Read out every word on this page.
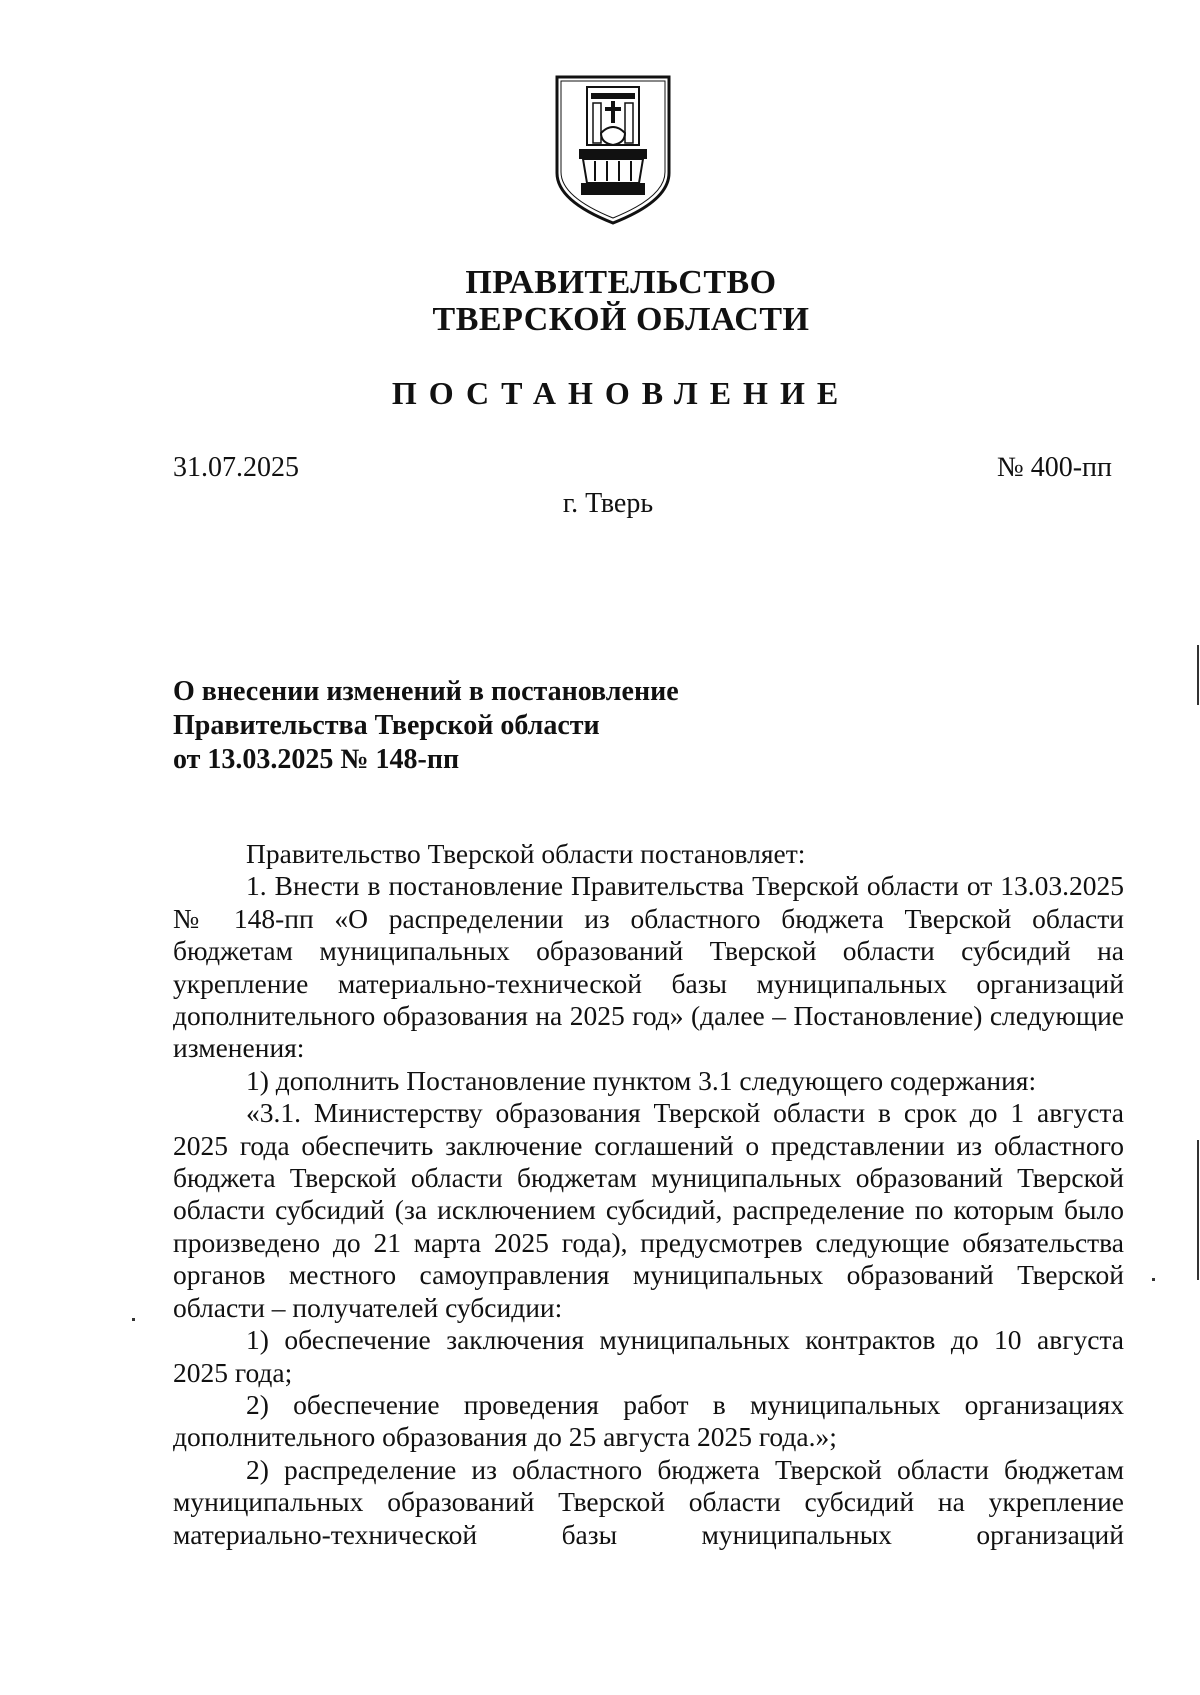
ПРАВИТЕЛЬСТВО
ТВЕРСКОЙ ОБЛАСТИ
ПОСТАНОВЛЕНИЕ
31.07.2025	№ 400-пп
г. Тверь
О внесении изменений в постановление
Правительства Тверской области
от 13.03.2025 № 148-пп

Правительство Тверской области постановляет:

1. Внести в постановление Правительства Тверской области от 13.03.2025 № 148-пп «О распределении из областного бюджета Тверской области бюджетам муниципальных образований Тверской области субсидий на укрепление материально-технической базы муниципальных организаций дополнительного образования на 2025 год» (далее – Постановление) следующие изменения:

1) дополнить Постановление пунктом 3.1 следующего содержания:

«3.1. Министерству образования Тверской области в срок до 1 августа 2025 года обеспечить заключение соглашений о представлении из областного бюджета Тверской области бюджетам муниципальных образований Тверской области субсидий (за исключением субсидий, распределение по которым было произведено до 21 марта 2025 года), предусмотрев следующие обязательства органов местного самоуправления муниципальных образований Тверской области – получателей субсидии:

1) обеспечение заключения муниципальных контрактов до 10 августа 2025 года;

2) обеспечение проведения работ в муниципальных организациях дополнительного образования до 25 августа 2025 года.»;

2) распределение из областного бюджета Тверской области бюджетам муниципальных образований Тверской области субсидий на укрепление материально-технической базы муниципальных организаций
